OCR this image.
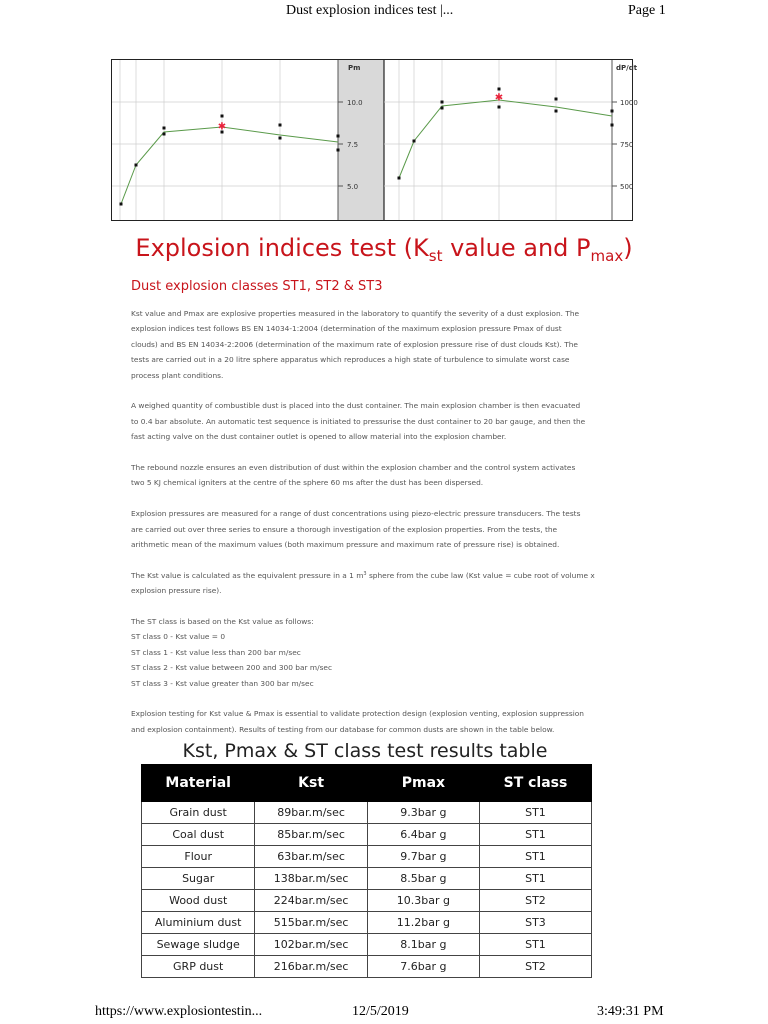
Dust explosion indices test |...	Page 1
Pm
10.0
7.5
5.0
✱
dP/dt
1000
750
500
✱
Explosion indices test ($K_{st}$ value and $P_{max}$)
Dust explosion classes ST1, ST2 & ST3

Kst value and Pmax are explosive properties measured in the laboratory to quantify the severity of a dust explosion. The

explosion indices test follows BS EN 14034-1:2004 (determination of the maximum explosion pressure Pmax of dust

clouds) and BS EN 14034-2:2006 (determination of the maximum rate of explosion pressure rise of dust clouds Kst). The

tests are carried out in a 20 litre sphere apparatus which reproduces a high state of turbulence to simulate worst case

process plant conditions.

A weighed quantity of combustible dust is placed into the dust container. The main explosion chamber is then evacuated

to 0.4 bar absolute. An automatic test sequence is initiated to pressurise the dust container to 20 bar gauge, and then the

fast acting valve on the dust container outlet is opened to allow material into the explosion chamber.

The rebound nozzle ensures an even distribution of dust within the explosion chamber and the control system activates

two 5 KJ chemical igniters at the centre of the sphere 60 ms after the dust has been dispersed.

Explosion pressures are measured for a range of dust concentrations using piezo-electric pressure transducers. The tests

are carried out over three series to ensure a thorough investigation of the explosion properties. From the tests, the

arithmetic mean of the maximum values (both maximum pressure and maximum rate of pressure rise) is obtained.

The Kst value is calculated as the equivalent pressure in a 1 $m^3$ sphere from the cube law (Kst value = cube root of volume x

explosion pressure rise).

The ST class is based on the Kst value as follows:

ST class 0 - Kst value = 0

ST class 1 - Kst value less than 200 bar m/sec

ST class 2 - Kst value between 200 and 300 bar m/sec

ST class 3 - Kst value greater than 300 bar m/sec

Explosion testing for Kst value & Pmax is essential to validate protection design (explosion venting, explosion suppression

and explosion containment). Results of testing from our database for common dusts are shown in the table below.

Kst, Pmax & ST class test results table
Material	Kst	Pmax	ST class
Grain dust	89bar.m/sec	9.3bar g	ST1
Coal dust	85bar.m/sec	6.4bar g	ST1
Flour	63bar.m/sec	9.7bar g	ST1
Sugar	138bar.m/sec	8.5bar g	ST1
Wood dust	224bar.m/sec	10.3bar g	ST2
Aluminium dust	515bar.m/sec	11.2bar g	ST3
Sewage sludge	102bar.m/sec	8.1bar g	ST1
GRP dust	216bar.m/sec	7.6bar g	ST2
https://www.explosiontestin...	12/5/2019	3:49:31 PM
